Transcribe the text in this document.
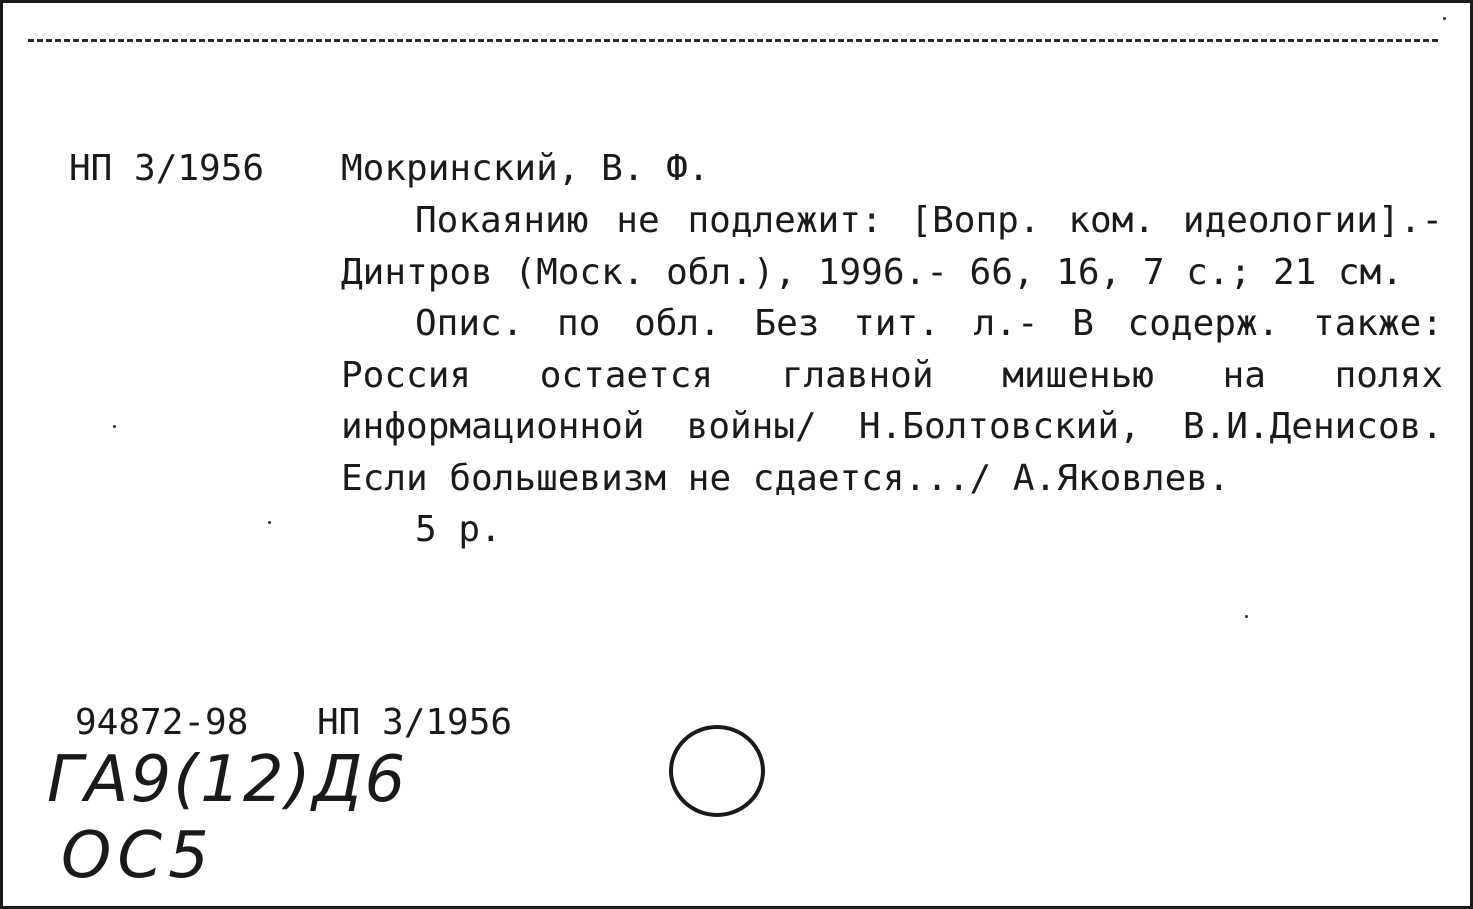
НП 3/1956 Мокринский, В. Ф.

Покаянию не подлежит: [Вопр. ком. идеологии].- Динтров (Моск. обл.), 1996.- 66, 16, 7 с.; 21 см.

Опис. по обл. Без тит. л.- В содерж. также: Россия остается главной мишенью на полях информационной войны/ Н.Болтовский, В.И.Денисов. Если большевизм не сдается.../ А.Яковлев.

5 р.

94872-98 НП 3/1956
ГА9(12)Д6
ОС5
